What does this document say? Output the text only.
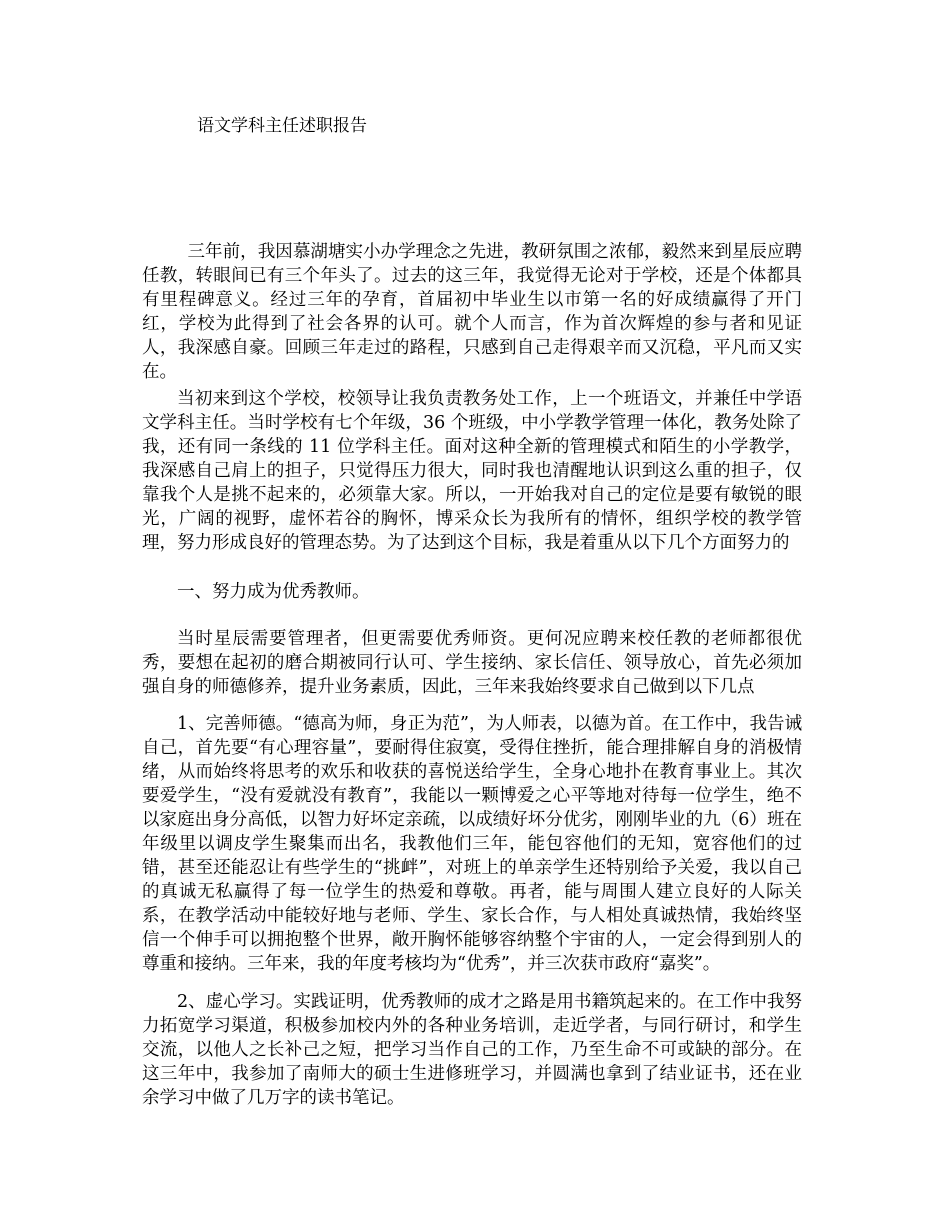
语文学科主任述职报告

三年前，我因慕湖塘实小办学理念之先进，教研氛围之浓郁，毅然来到星辰应聘任教，转眼间已有三个年头了。过去的这三年，我觉得无论对于学校，还是个体都具有里程碑意义。经过三年的孕育，首届初中毕业生以市第一名的好成绩赢得了开门红，学校为此得到了社会各界的认可。就个人而言，作为首次辉煌的参与者和见证人，我深感自豪。回顾三年走过的路程，只感到自己走得艰辛而又沉稳，平凡而又实在。

当初来到这个学校，校领导让我负责教务处工作，上一个班语文，并兼任中学语文学科主任。当时学校有七个年级，36 个班级，中小学教学管理一体化，教务处除了我，还有同一条线的 11 位学科主任。面对这种全新的管理模式和陌生的小学教学，我深感自己肩上的担子，只觉得压力很大，同时我也清醒地认识到这么重的担子，仅靠我个人是挑不起来的，必须靠大家。所以，一开始我对自己的定位是要有敏锐的眼光，广阔的视野，虚怀若谷的胸怀，博采众长为我所有的情怀，组织学校的教学管理，努力形成良好的管理态势。为了达到这个目标，我是着重从以下几个方面努力的

一、努力成为优秀教师。

当时星辰需要管理者，但更需要优秀师资。更何况应聘来校任教的老师都很优秀，要想在起初的磨合期被同行认可、学生接纳、家长信任、领导放心，首先必须加强自身的师德修养，提升业务素质，因此，三年来我始终要求自己做到以下几点

1、完善师德。“德高为师，身正为范”，为人师表，以德为首。在工作中，我告诫自己，首先要“有心理容量”，要耐得住寂寞，受得住挫折，能合理排解自身的消极情绪，从而始终将思考的欢乐和收获的喜悦送给学生，全身心地扑在教育事业上。其次要爱学生，“没有爱就没有教育”，我能以一颗博爱之心平等地对待每一位学生，绝不以家庭出身分高低，以智力好坏定亲疏，以成绩好坏分优劣，刚刚毕业的九（6）班在年级里以调皮学生聚集而出名，我教他们三年，能包容他们的无知，宽容他们的过错，甚至还能忍让有些学生的“挑衅”，对班上的单亲学生还特别给予关爱，我以自己的真诚无私赢得了每一位学生的热爱和尊敬。再者，能与周围人建立良好的人际关系，在教学活动中能较好地与老师、学生、家长合作，与人相处真诚热情，我始终坚信一个伸手可以拥抱整个世界，敞开胸怀能够容纳整个宇宙的人，一定会得到别人的尊重和接纳。三年来，我的年度考核均为“优秀”，并三次获市政府“嘉奖”。

2、虚心学习。实践证明，优秀教师的成才之路是用书籍筑起来的。在工作中我努力拓宽学习渠道，积极参加校内外的各种业务培训，走近学者，与同行研讨，和学生交流，以他人之长补己之短，把学习当作自己的工作，乃至生命不可或缺的部分。在这三年中，我参加了南师大的硕士生进修班学习，并圆满也拿到了结业证书，还在业余学习中做了几万字的读书笔记。
